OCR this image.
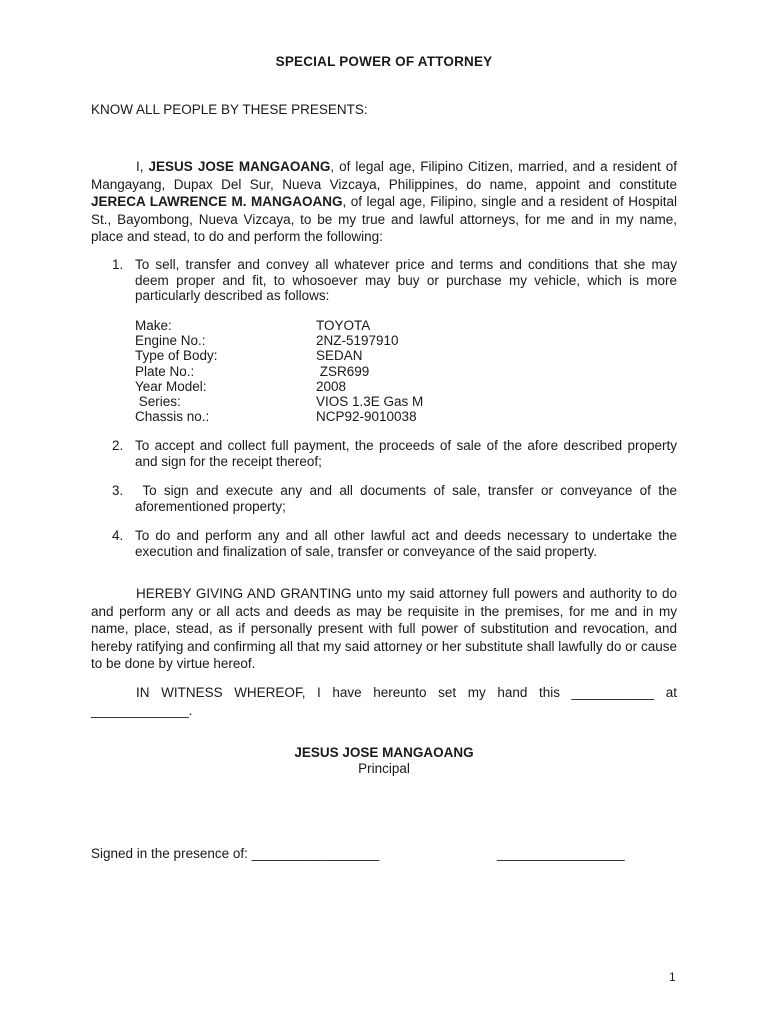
SPECIAL POWER OF ATTORNEY
KNOW ALL PEOPLE BY THESE PRESENTS:
I, JESUS JOSE MANGAOANG, of legal age, Filipino Citizen, married, and a resident of Mangayang, Dupax Del Sur, Nueva Vizcaya, Philippines, do name, appoint and constitute JERECA LAWRENCE M. MANGAOANG, of legal age, Filipino, single and a resident of Hospital St., Bayombong, Nueva Vizcaya, to be my true and lawful attorneys, for me and in my name, place and stead, to do and perform the following:
1. To sell, transfer and convey all whatever price and terms and conditions that she may deem proper and fit, to whosoever may buy or purchase my vehicle, which is more particularly described as follows:
Make:	TOYOTA
Engine No.:	2NZ-5197910
Type of Body:	SEDAN
Plate No.:	ZSR699
Year Model:	2008
Series:	VIOS 1.3E Gas M
Chassis no.:	NCP92-9010038
2. To accept and collect full payment, the proceeds of sale of the afore described property and sign for the receipt thereof;
3. To sign and execute any and all documents of sale, transfer or conveyance of the aforementioned property;
4. To do and perform any and all other lawful act and deeds necessary to undertake the execution and finalization of sale, transfer or conveyance of the said property.
HEREBY GIVING AND GRANTING unto my said attorney full powers and authority to do and perform any or all acts and deeds as may be requisite in the premises, for me and in my name, place, stead, as if personally present with full power of substitution and revocation, and hereby ratifying and confirming all that my said attorney or her substitute shall lawfully do or cause to be done by virtue hereof.
IN WITNESS WHEREOF, I have hereunto set my hand this ___________ at _____________.
JESUS JOSE MANGAOANG
Principal
Signed in the presence of: _________________	_________________
1
